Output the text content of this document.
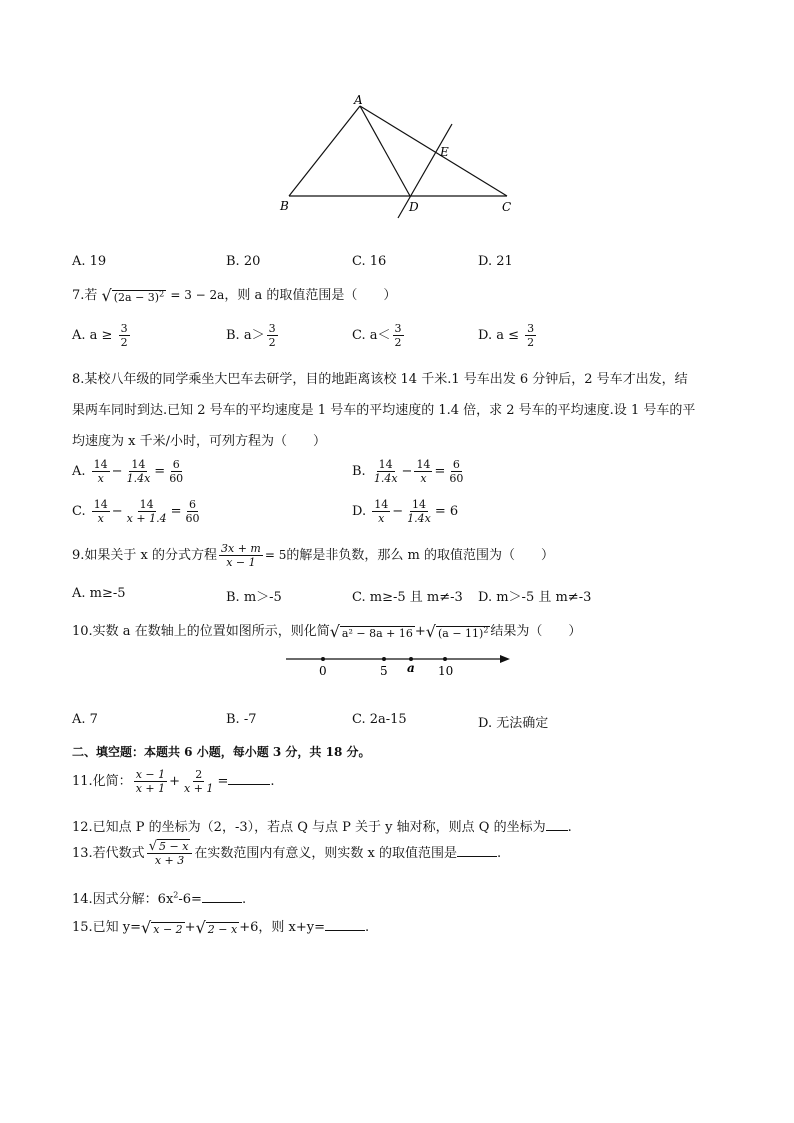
A
B	C
D
E
A. 19	B. 20	C. 16	D. 21
7.若 √ $(2a - 3)^2 = 3 - 2a$，则 a 的取值范围是（　　）
A. $a \ge \frac{3}{2}$	B. $a> \frac{3}{2}$	C. $a< \frac{3}{2}$	D. $a \le \frac{3}{2}$
8.某校八年级的同学乘坐大巴车去研学，目的地距离该校 14 千米.1 号车出发 6 分钟后，2 号车才出发，结
果两车同时到达.已知 2 号车的平均速度是 1 号车的平均速度的 1.4 倍，求 2 号车的平均速度.设 1 号车的平
均速度为 x 千米/小时，可列方程为（　　）
A. $\frac{14}{x} - \frac{14}{1.4x} = \frac{6}{60}$	B. $\frac{14}{1.4x} - \frac{14}{x} = \frac{6}{60}$
C. $\frac{14}{x} - \frac{14}{x + 1.4} = \frac{6}{60}$	D. $\frac{14}{x} - \frac{14}{1.4x} = 6$
9.如果关于 x 的分式方程 $\frac{3x + m}{x - 1} = 5$的解是非负数，那么 m 的取值范围为（　　）
A. m≥-5	B. m＞-5	C. m≥-5 且 m≠-3 D. m＞-5 且 m≠-3
10.实数 a 在数轴上的位置如图所示，则化简√ a² − 8a + 16 +√ $(a - 11)^2$ 结果为（　　）
0	5 a 10
A. 7	B. -7	C. 2a-15	D. 无法确定
二、填空题：本题共 6 小题，每小题 3 分，共 18 分。
11.化简： $\frac{x - 1}{x + 1} + \frac{2}{x + 1}$ =	.
12.已知点 P 的坐标为（2，-3），若点 Q 与点 P 关于 y 轴对称，则点 Q 的坐标为 .
13.若代数式 $\frac{√ 5 - x}{x + 3}$ 在实数范围内有意义，则实数 x 的取值范围是	.
14.因式分解：$6x^2-6=$	.
15.已知 y=√ x − 2 +√ 2 − x +6，则 x+y=	.
